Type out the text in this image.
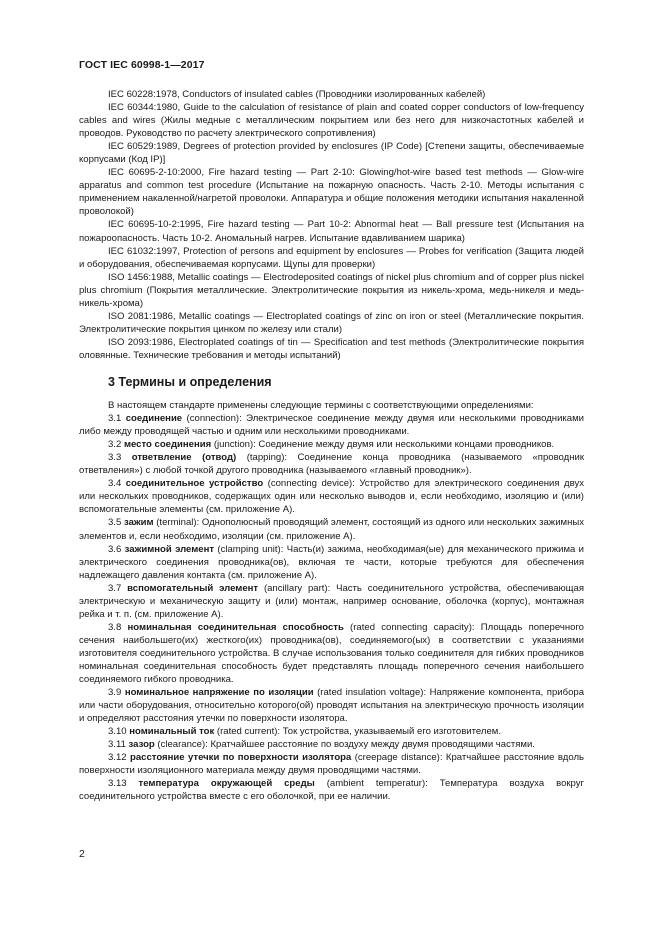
ГОСТ IEC 60998-1—2017
IEC 60228:1978, Conductors of insulated cables (Проводники изолированных кабелей)
IEC 60344:1980, Guide to the calculation of resistance of plain and coated copper conductors of low-frequency cables and wires (Жилы медные с металлическим покрытием или без него для низкочастотных кабелей и проводов. Руководство по расчету электрического сопротивления)
IEC 60529:1989, Degrees of protection provided by enclosures (IP Code) [Степени защиты, обеспечиваемые корпусами (Код IP)]
IEC 60695-2-10:2000, Fire hazard testing — Part 2-10: Glowing/hot-wire based test methods — Glow-wire apparatus and common test procedure (Испытание на пожарную опасность. Часть 2-10. Методы испытания с применением накаленной/нагретой проволоки. Аппаратура и общие положения методики испытания накаленной проволокой)
IEC 60695-10-2:1995, Fire hazard testing — Part 10-2: Abnormal heat — Ball pressure test (Испытания на пожароопасность. Часть 10-2. Аномальный нагрев. Испытание вдавливанием шарика)
IEC 61032:1997, Protection of persons and equipment by enclosures — Probes for verification (Защита людей и оборудования, обеспечиваемая корпусами. Щупы для проверки)
ISO 1456:1988, Metallic coatings — Electrodeposited coatings of nickel plus chromium and of copper plus nickel plus chromium (Покрытия металлические. Электролитические покрытия из никель-хрома, медь-никеля и медь-никель-хрома)
ISO 2081:1986, Metallic coatings — Electroplated coatings of zinc on iron or steel (Металлические покрытия. Электролитические покрытия цинком по железу или стали)
ISO 2093:1986, Electroplated coatings of tin — Specification and test methods (Электролитические покрытия оловянные. Технические требования и методы испытаний)
3 Термины и определения
В настоящем стандарте применены следующие термины с соответствующими определениями:
3.1 соединение (connection): Электрическое соединение между двумя или несколькими проводниками либо между проводящей частью и одним или несколькими проводниками.
3.2 место соединения (junction): Соединение между двумя или несколькими концами проводников.
3.3 ответвление (отвод) (tapping): Соединение конца проводника (называемого «проводник ответвления») с любой точкой другого проводника (называемого «главный проводник»).
3.4 соединительное устройство (connecting device): Устройство для электрического соединения двух или нескольких проводников, содержащих один или несколько выводов и, если необходимо, изоляцию и (или) вспомогательные элементы (см. приложение А).
3.5 зажим (terminal): Однополюсный проводящий элемент, состоящий из одного или нескольких зажимных элементов и, если необходимо, изоляции (см. приложение А).
3.6 зажимной элемент (clamping unit): Часть(и) зажима, необходимая(ые) для механического прижима и электрического соединения проводника(ов), включая те части, которые требуются для обеспечения надлежащего давления контакта (см. приложение А).
3.7 вспомогательный элемент (ancillary part): Часть соединительного устройства, обеспечивающая электрическую и механическую защиту и (или) монтаж, например основание, оболочка (корпус), монтажная рейка и т. п. (см. приложение А).
3.8 номинальная соединительная способность (rated connecting capacity): Площадь поперечного сечения наибольшего(их) жесткого(их) проводника(ов), соединяемого(ых) в соответствии с указаниями изготовителя соединительного устройства. В случае использования только соединителя для гибких проводников номинальная соединительная способность будет представлять площадь поперечного сечения наибольшего соединяемого гибкого проводника.
3.9 номинальное напряжение по изоляции (rated insulation voltage): Напряжение компонента, прибора или части оборудования, относительно которого(ой) проводят испытания на электрическую прочность изоляции и определяют расстояния утечки по поверхности изолятора.
3.10 номинальный ток (rated current): Ток устройства, указываемый его изготовителем.
3.11 зазор (clearance): Кратчайшее расстояние по воздуху между двумя проводящими частями.
3.12 расстояние утечки по поверхности изолятора (creepage distance): Кратчайшее расстояние вдоль поверхности изоляционного материала между двумя проводящими частями.
3.13 температура окружающей среды (ambient temperatur): Температура воздуха вокруг соединительного устройства вместе с его оболочкой, при ее наличии.
2
